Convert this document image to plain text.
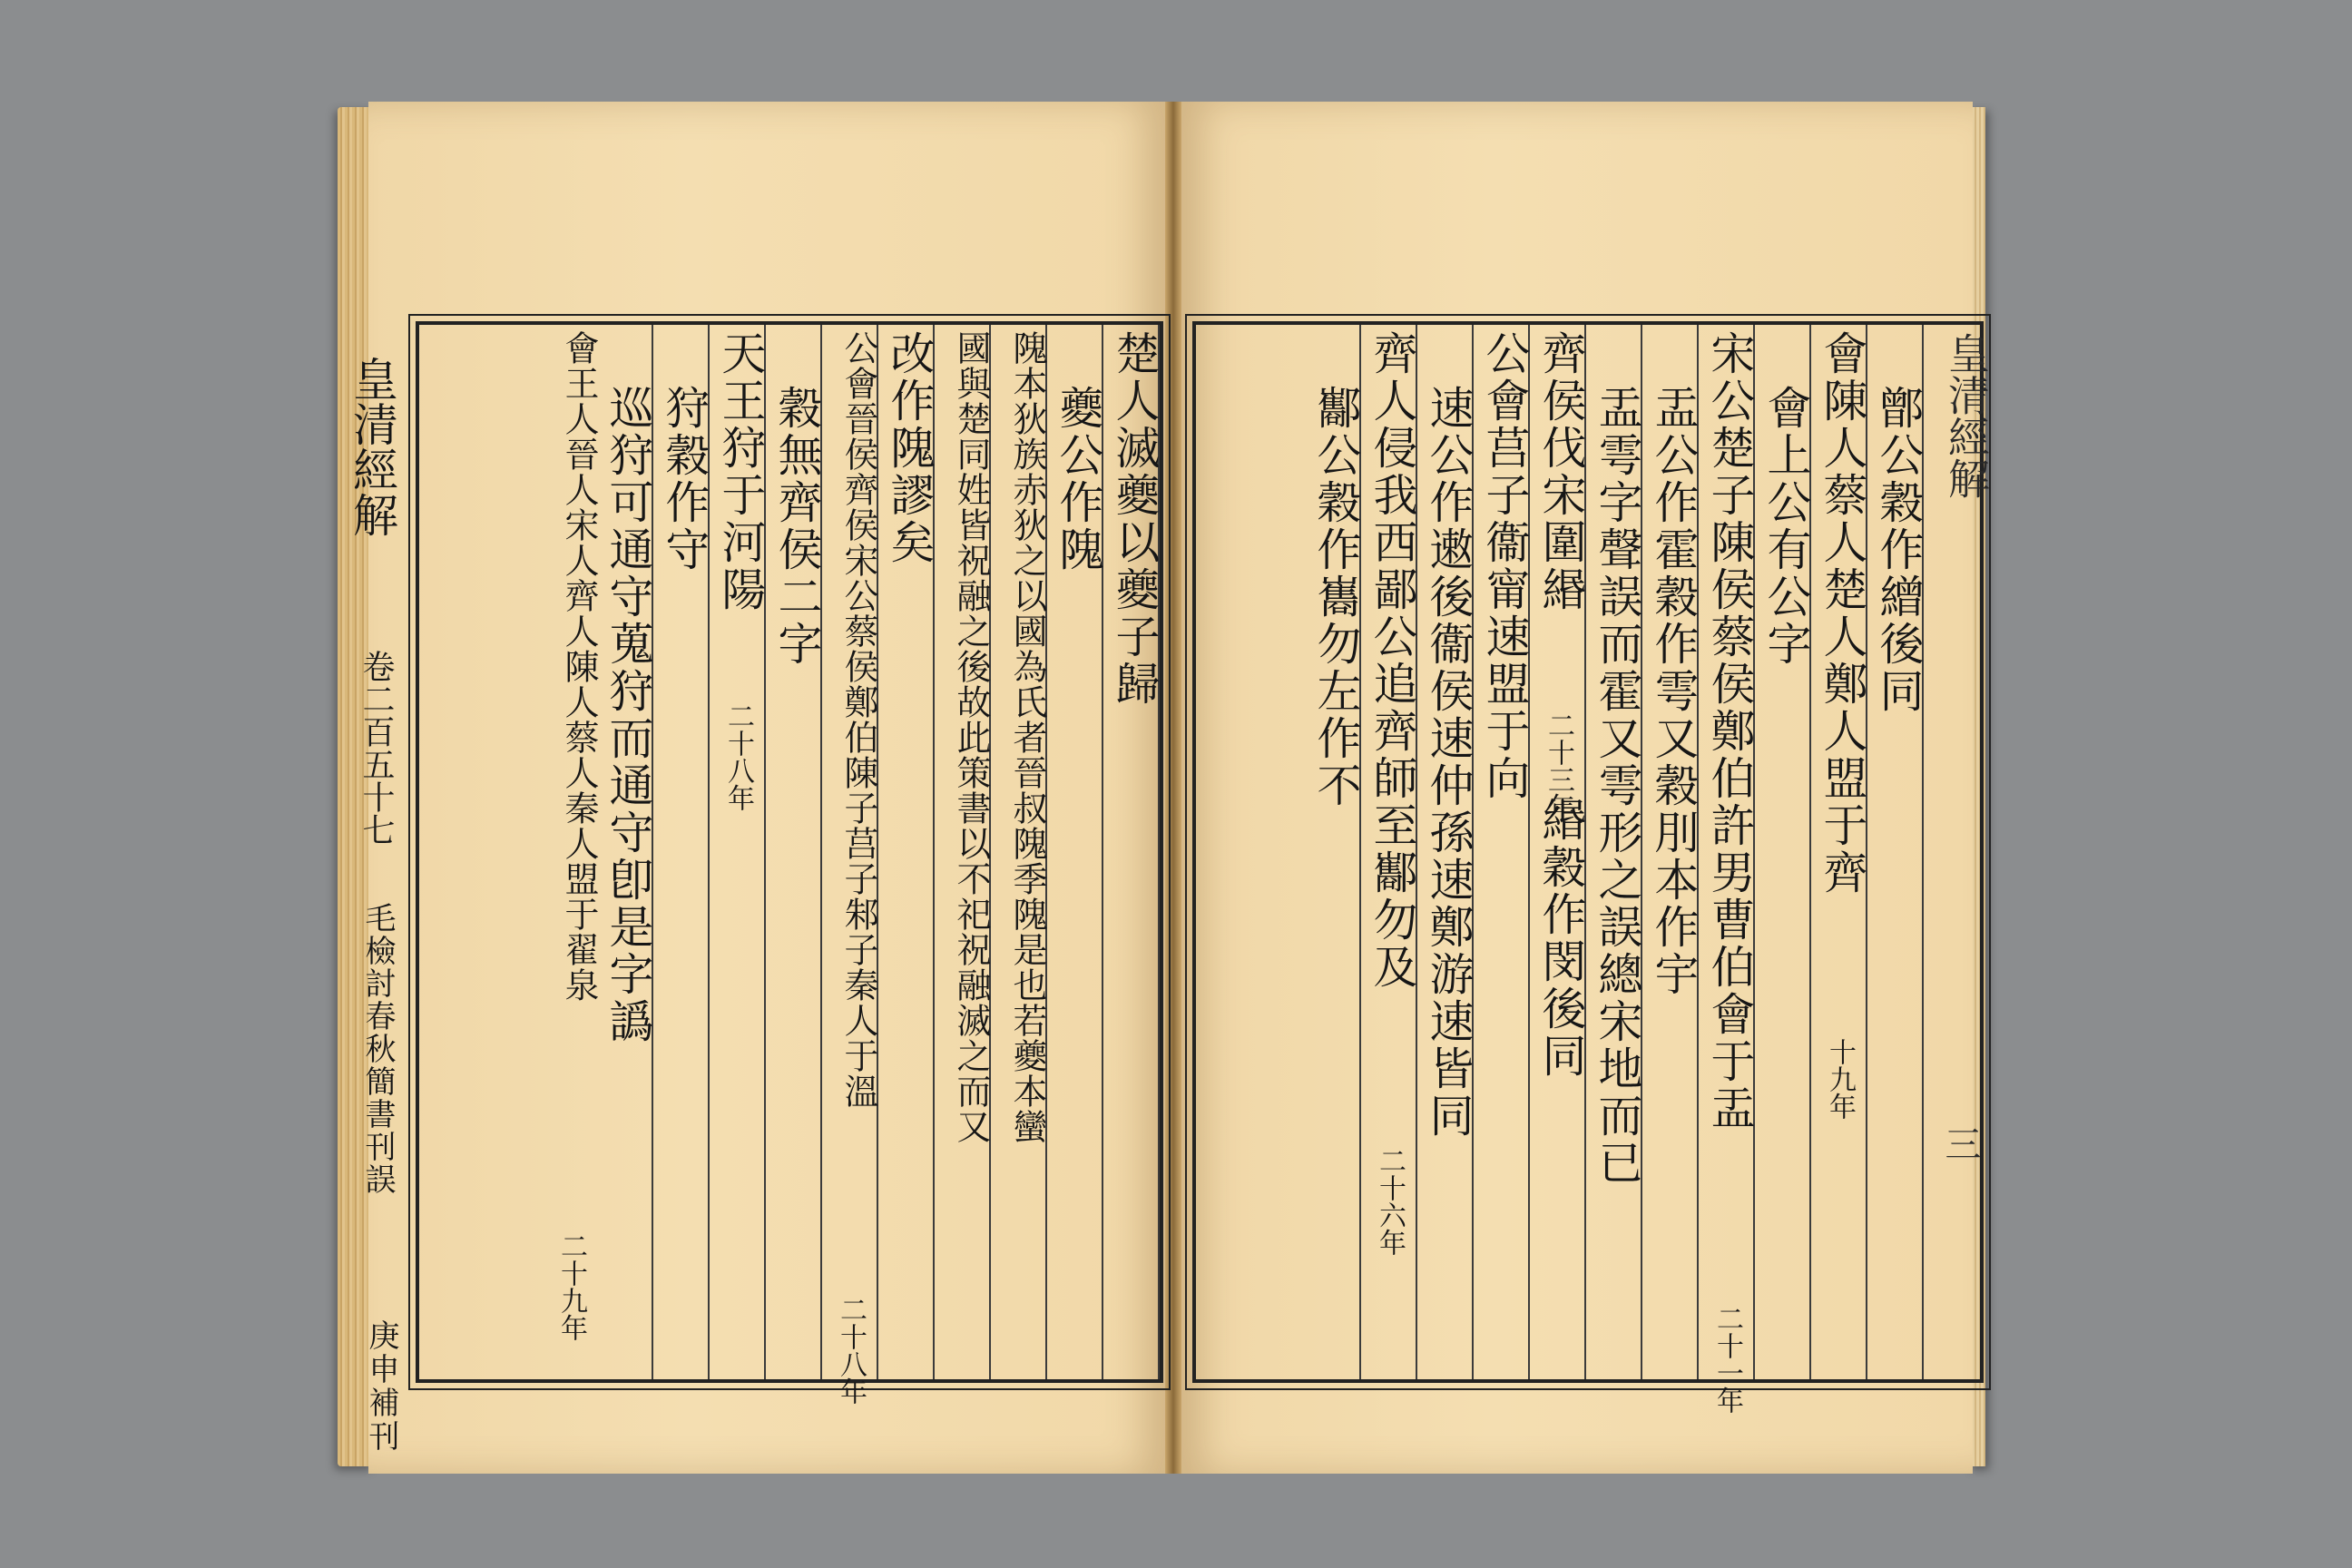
皇清經解
卷二百五十七
毛檢討春秋簡書刊誤
庚申補刊
楚人滅夔以夔子歸
夔公作隗
隗本狄族赤狄之以國為氏者晉叔隗季隗是也若夔本蠻
國與楚同姓皆祝融之後故此策書以不祀祝融滅之而又
改作隗謬矣
公會晉侯齊侯宋公蔡侯鄭伯陳子莒子邾子秦人于溫
二十八年
穀無齊侯二字
天王狩于河陽
二十八年
狩穀作守
巡狩可通守蒐狩而通守卽是字譌
會王人晉人宋人齊人陳人蔡人秦人盟于翟泉
二十九年
鄫公穀作繒後同
會陳人蔡人楚人鄭人盟于齊
十九年
會上公有公字
宋公楚子陳侯蔡侯鄭伯許男曹伯會于盂
二十一年
盂公作霍穀作雩又穀刖本作宇
盂雩字聲誤而霍又雩形之誤總宋地而已
齊侯伐宋圍緡
二十三年
緡穀作閔後同
公會莒子衞甯速盟于向
速公作遫後衞侯速仲孫速鄭游速皆同
齊人侵我西鄙公追齊師至酅勿及
二十六年
酅公穀作巂勿左作不	皇清經解
三
